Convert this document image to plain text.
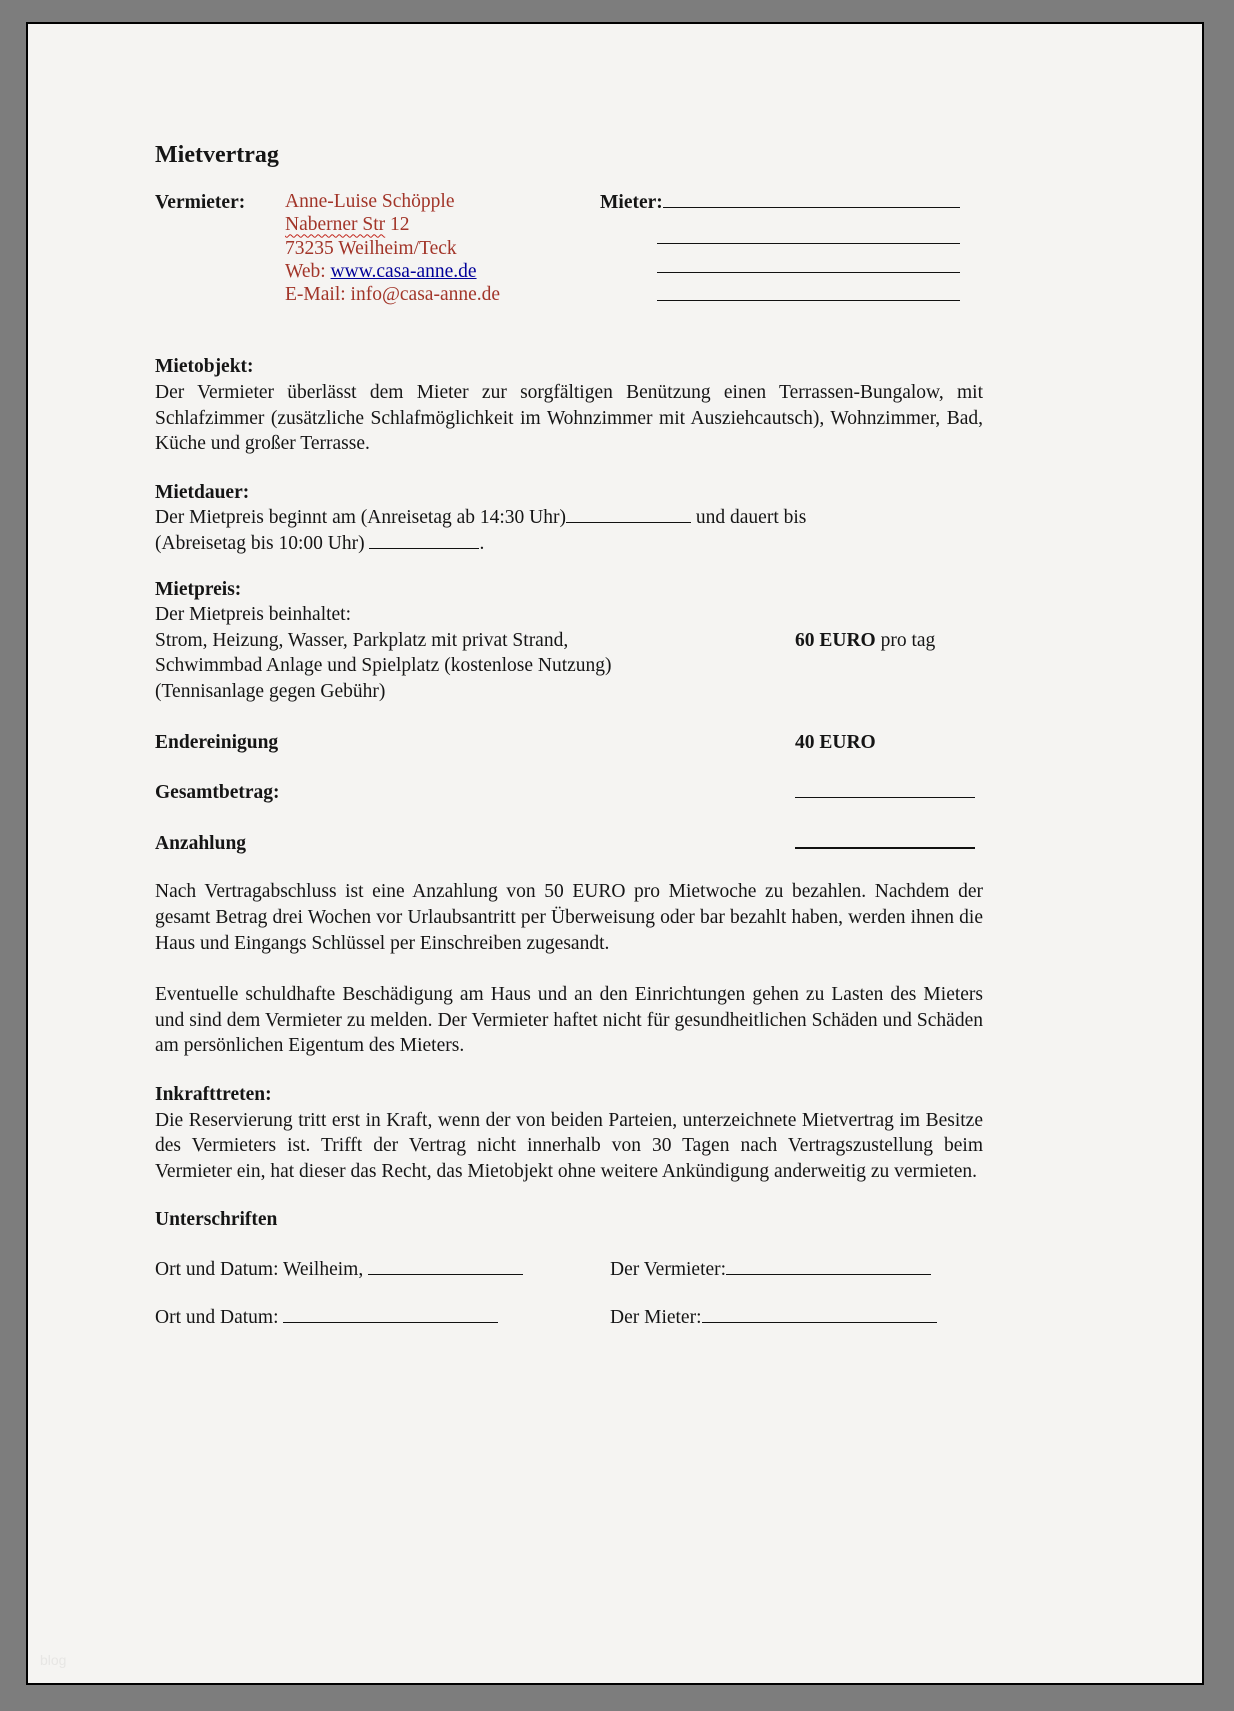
Mietvertrag
Vermieter:	Anne-Luise Schöpple
Naberner Str 12
73235 Weilheim/Teck
Web: www.casa-anne.de
E-Mail: info@casa-anne.de
Mieter:
Mietobjekt:
Der Vermieter überlässt dem Mieter zur sorgfältigen Benützung einen Terrassen-Bungalow, mit Schlafzimmer (zusätzliche Schlafmöglichkeit im Wohnzimmer mit Ausziehcautsch), Wohnzimmer, Bad, Küche und großer Terrasse.
Mietdauer:
Der Mietpreis beginnt am (Anreisetag ab 14:30 Uhr)	und dauert bis
(Abreisetag bis 10:00 Uhr)	.
Mietpreis:
Der Mietpreis beinhaltet:
Strom, Heizung, Wasser, Parkplatz mit privat Strand,	60 EURO pro tag
Schwimmbad Anlage und Spielplatz (kostenlose Nutzung)
(Tennisanlage gegen Gebühr)
Endereinigung	40 EURO
Gesamtbetrag:
Anzahlung
Nach Vertragabschluss ist eine Anzahlung von 50 EURO pro Mietwoche zu bezahlen. Nachdem der gesamt Betrag drei Wochen vor Urlaubsantritt per Überweisung oder bar bezahlt haben, werden ihnen die Haus und Eingangs Schlüssel per Einschreiben zugesandt.
Eventuelle schuldhafte Beschädigung am Haus und an den Einrichtungen gehen zu Lasten des Mieters und sind dem Vermieter zu melden. Der Vermieter haftet nicht für gesundheitlichen Schäden und Schäden am persönlichen Eigentum des Mieters.
Inkrafttreten:
Die Reservierung tritt erst in Kraft, wenn der von beiden Parteien, unterzeichnete Mietvertrag im Besitze des Vermieters ist. Trifft der Vertrag nicht innerhalb von 30 Tagen nach Vertragszustellung beim Vermieter ein, hat dieser das Recht, das Mietobjekt ohne weitere Ankündigung anderweitig zu vermieten.
Unterschriften
Ort und Datum: Weilheim,	Der Vermieter:
Ort und Datum:	Der Mieter:
blog
